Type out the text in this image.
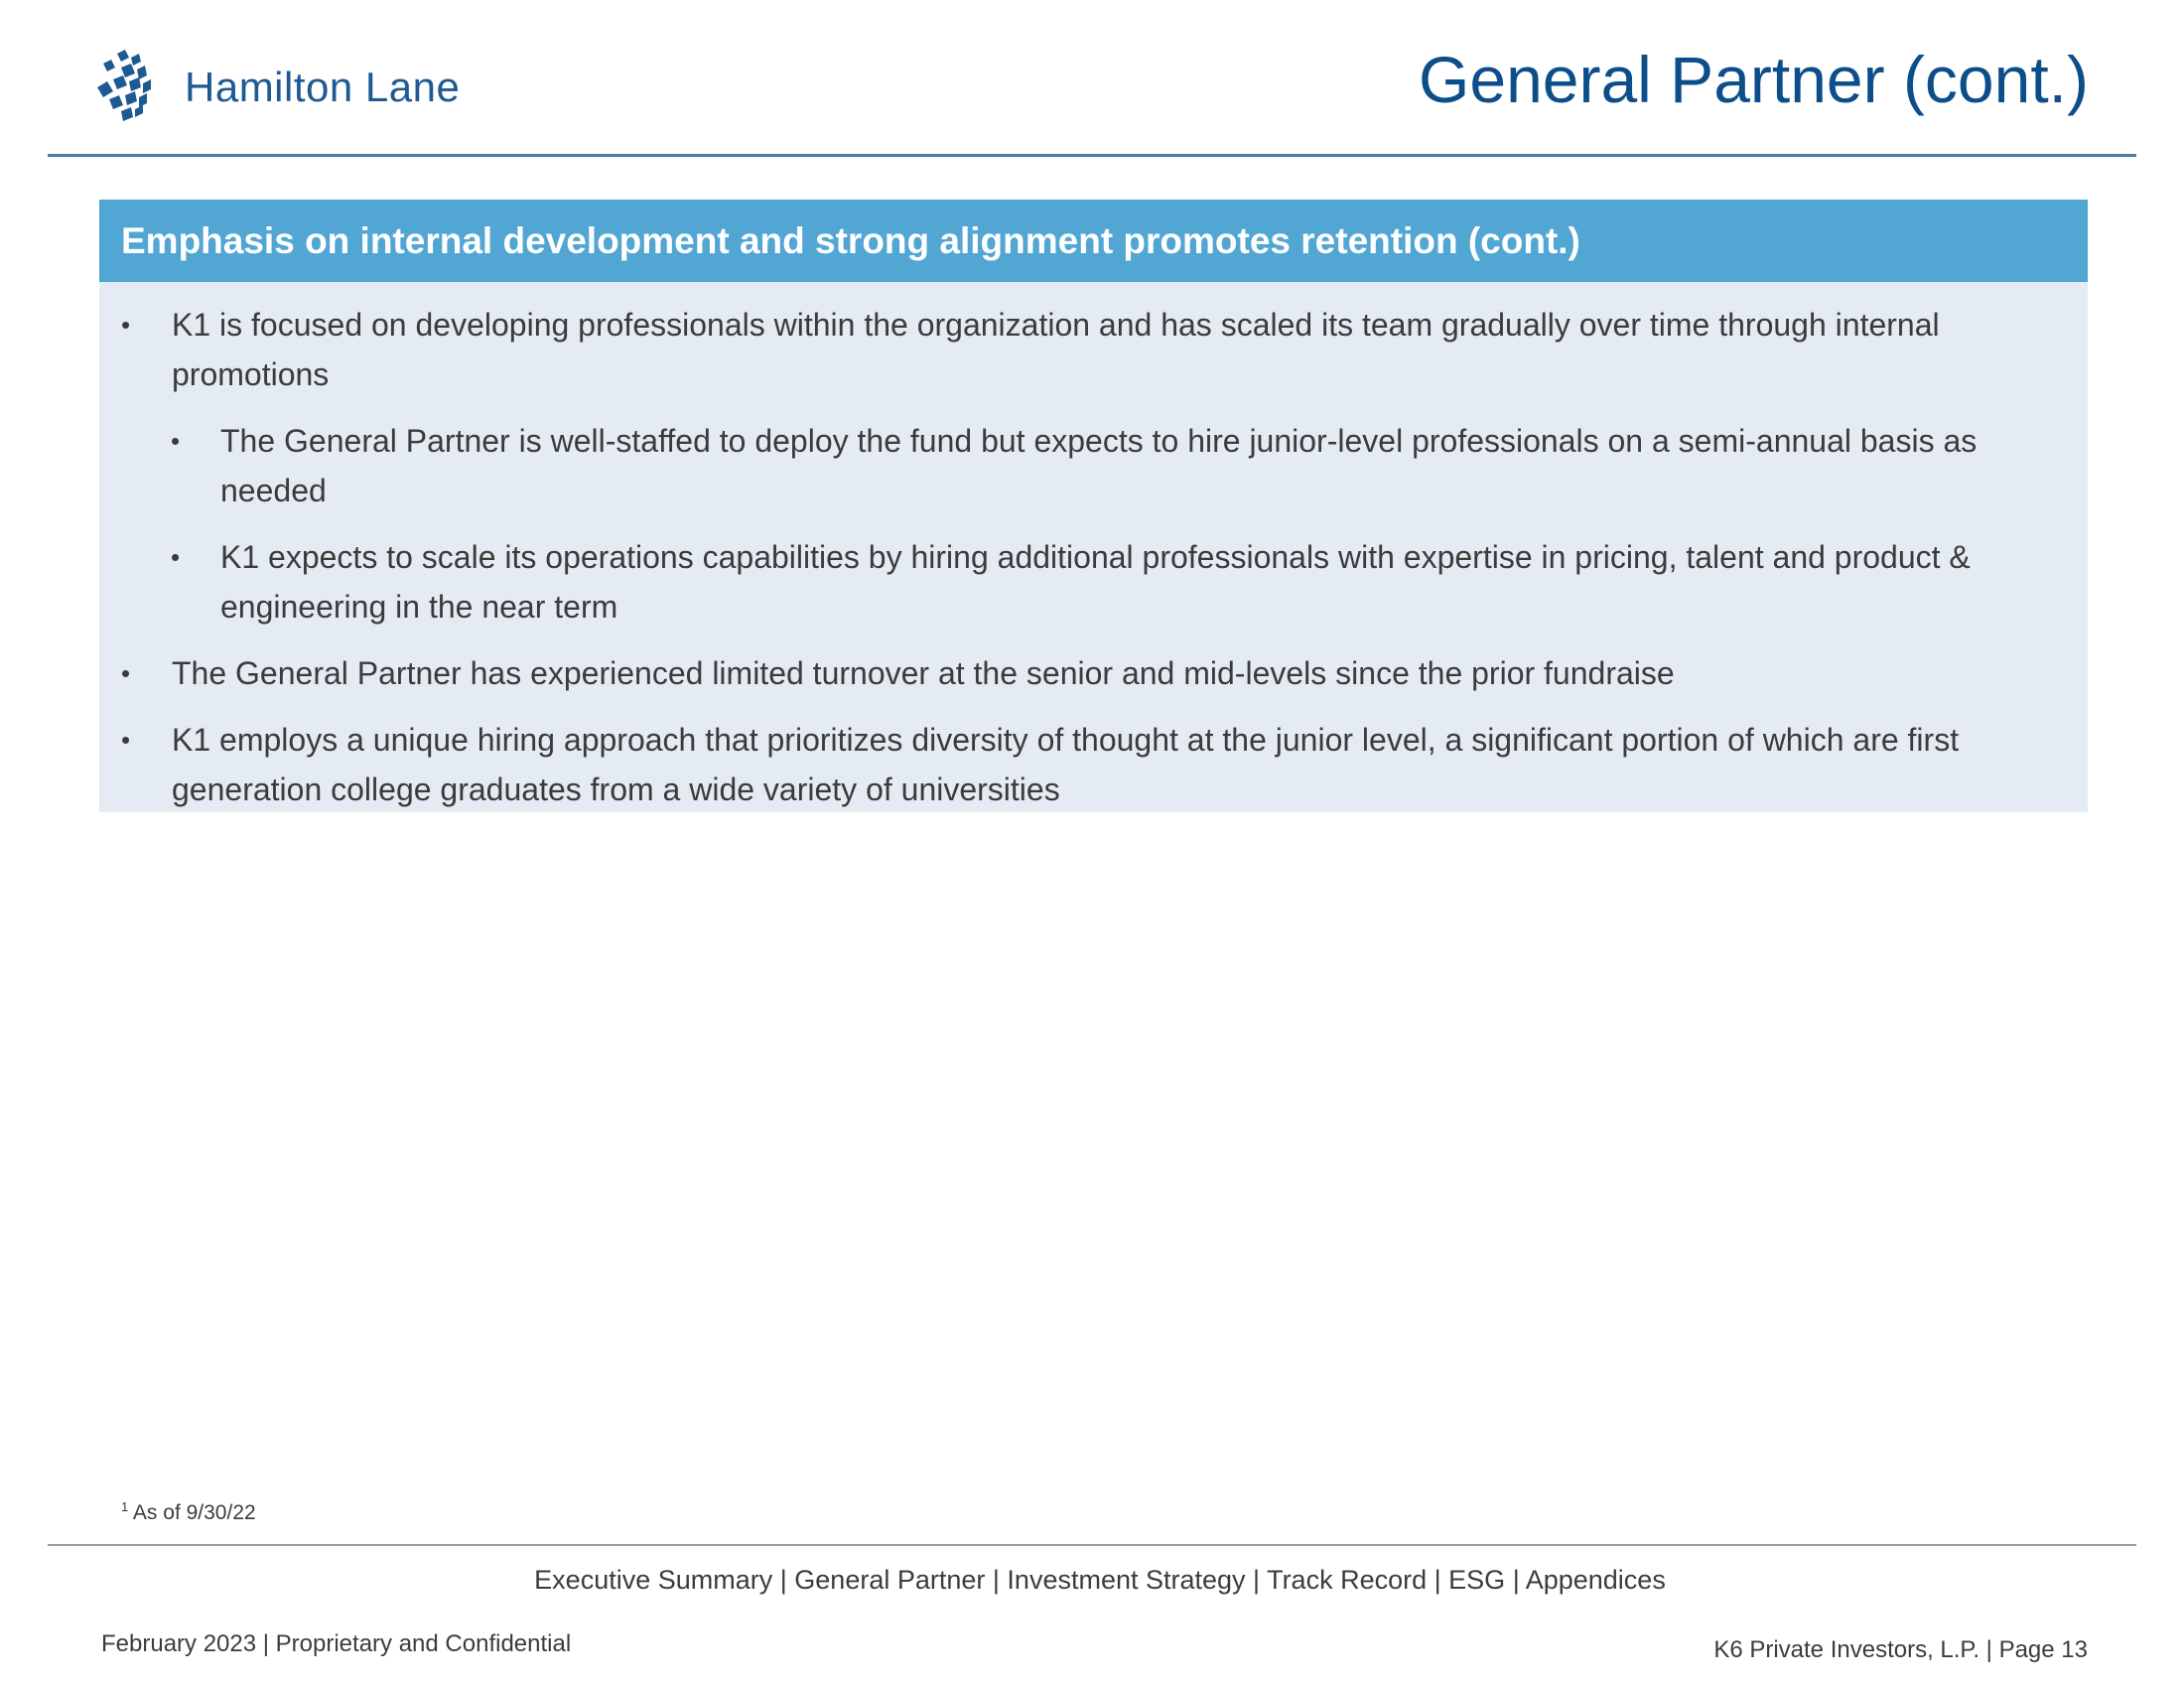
Hamilton Lane	General Partner (cont.)
Emphasis on internal development and strong alignment promotes retention (cont.)
• K1 is focused on developing professionals within the organization and has scaled its team gradually over time through internal promotions
• The General Partner is well-staffed to deploy the fund but expects to hire junior-level professionals on a semi-annual basis as needed
• K1 expects to scale its operations capabilities by hiring additional professionals with expertise in pricing, talent and product & engineering in the near term
• The General Partner has experienced limited turnover at the senior and mid-levels since the prior fundraise
• K1 employs a unique hiring approach that prioritizes diversity of thought at the junior level, a significant portion of which are first generation college graduates from a wide variety of universities
$^1$ As of 9/30/22
Executive Summary | General Partner | Investment Strategy | Track Record | ESG | Appendices
February 2023 | Proprietary and Confidential	K6 Private Investors, L.P. | Page 13
